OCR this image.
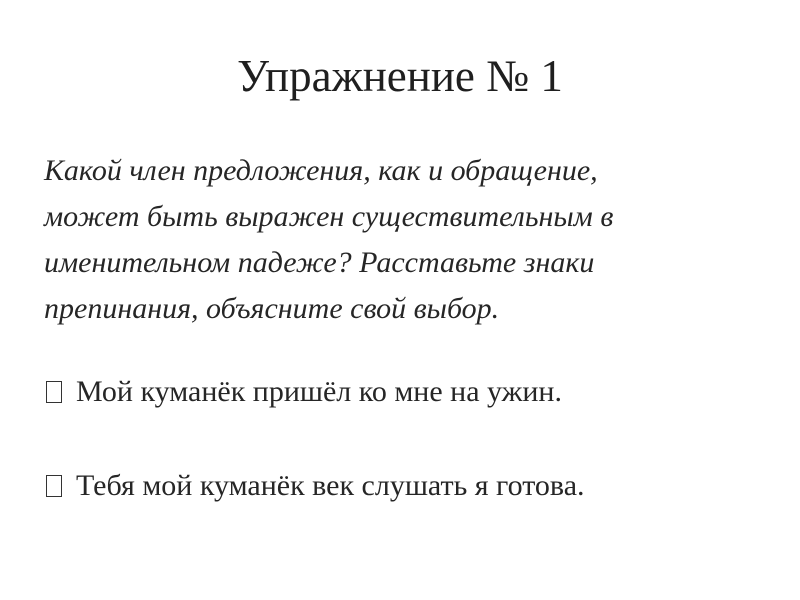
Упражнение № 1

Какой член предложения, как и обращение,
может быть выражен существительным в
именительном падеже? Расставьте знаки
препинания, объясните свой выбор.

Мой куманёк пришёл ко мне на ужин.
Тебя мой куманёк век слушать я готова.
